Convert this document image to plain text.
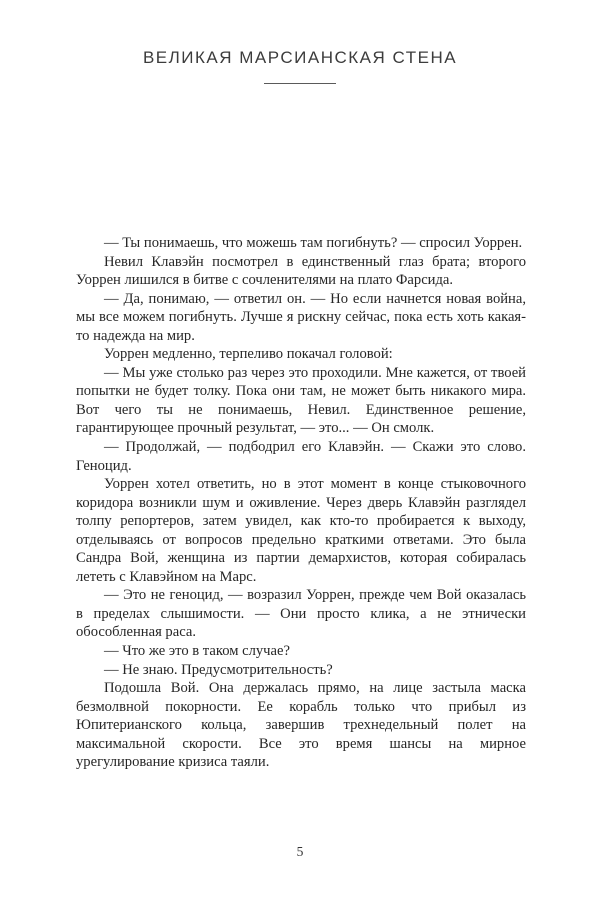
ВЕЛИКАЯ МАРСИАНСКАЯ СТЕНА

— Ты понимаешь, что можешь там погибнуть? — спросил Уоррен.

Невил Клавэйн посмотрел в единственный глаз брата; второго Уоррен лишился в битве с сочленителями на плато Фарсида.

— Да, понимаю, — ответил он. — Но если начнется новая война, мы все можем погибнуть. Лучше я рискну сейчас, пока есть хоть какая-то надежда на мир.

Уоррен медленно, терпеливо покачал головой:

— Мы уже столько раз через это проходили. Мне кажется, от твоей попытки не будет толку. Пока они там, не может быть никакого мира. Вот чего ты не понимаешь, Невил. Единственное решение, гарантирующее прочный результат, — это... — Он смолк.

— Продолжай, — подбодрил его Клавэйн. — Скажи это слово. Геноцид.

Уоррен хотел ответить, но в этот момент в конце стыковочного коридора возникли шум и оживление. Через дверь Клавэйн разглядел толпу репортеров, затем увидел, как кто-то пробирается к выходу, отделываясь от вопросов предельно краткими ответами. Это была Сандра Вой, женщина из партии демархистов, которая собиралась лететь с Клавэйном на Марс.

— Это не геноцид, — возразил Уоррен, прежде чем Вой оказалась в пределах слышимости. — Они просто клика, а не этнически обособленная раса.

— Что же это в таком случае?

— Не знаю. Предусмотрительность?

Подошла Вой. Она держалась прямо, на лице застыла маска безмолвной покорности. Ее корабль только что прибыл из Юпитерианского кольца, завершив трехнедельный полет на максимальной скорости. Все это время шансы на мирное урегулирование кризиса таяли.

5
